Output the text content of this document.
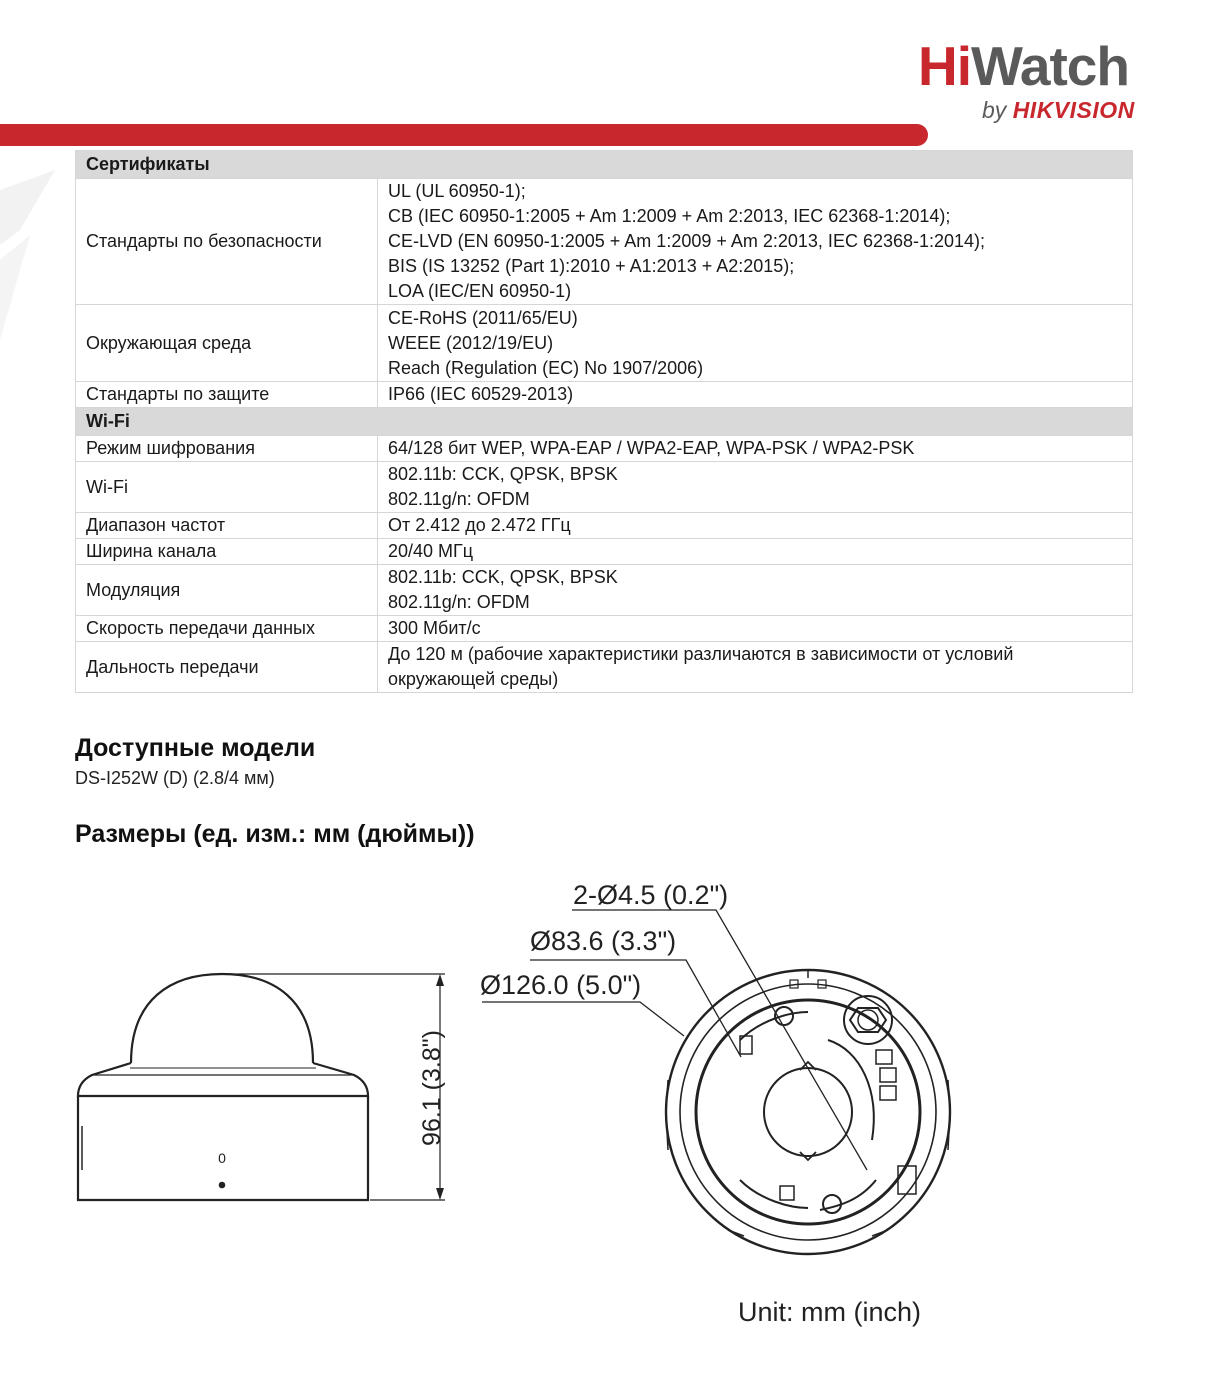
HiWatch
by HIKVISION
Сертификаты	
Стандарты по безопасности	UL (UL 60950-1);
CB (IEC 60950-1:2005 + Am 1:2009 + Am 2:2013, IEC 62368-1:2014);
CE-LVD (EN 60950-1:2005 + Am 1:2009 + Am 2:2013, IEC 62368-1:2014);
BIS (IS 13252 (Part 1):2010 + A1:2013 + A2:2015);
LOA (IEC/EN 60950-1)

Окружающая среда	CE-RoHS (2011/65/EU)
WEEE (2012/19/EU)
Reach (Regulation (EC) No 1907/2006)

Стандарты по защите	IP66 (IEC 60529-2013)
Wi-Fi	
Режим шифрования	64/128 бит WEP, WPA-EAP / WPA2-EAP, WPA-PSK / WPA2-PSK
Wi-Fi	802.11b: CCK, QPSK, BPSK
802.11g/n: OFDM

Диапазон частот	От 2.412 до 2.472 ГГц
Ширина канала	20/40 МГц
Модуляция	802.11b: CCK, QPSK, BPSK
802.11g/n: OFDM

Скорость передачи данных	300 Мбит/с
Дальность передачи	До 120 м (рабочие характеристики различаются в зависимости от условий
окружающей среды)
Доступные модели
DS-I252W (D) (2.8/4 мм)
Размеры (ед. изм.: мм (дюймы))
0
96.1 (3.8")
2-Ø4.5 (0.2")
Ø83.6 (3.3")
Ø126.0 (5.0")
Unit: mm (inch)
